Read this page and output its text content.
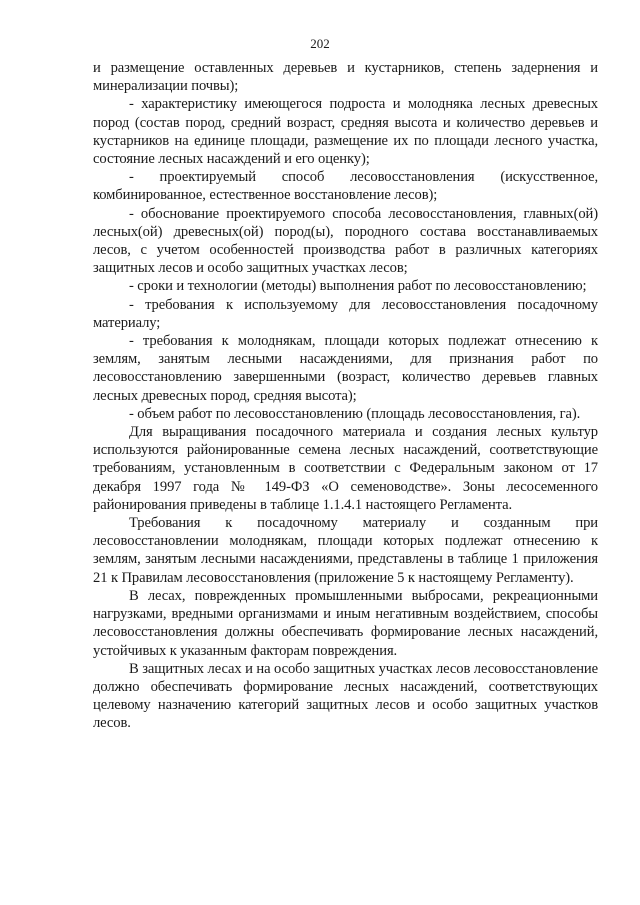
202

и размещение оставленных деревьев и кустарников, степень задернения и минерализации почвы);

- характеристику имеющегося подроста и молодняка лесных древесных пород (состав пород, средний возраст, средняя высота и количество деревьев и кустарников на единице площади, размещение их по площади лесного участка, состояние лесных насаждений и его оценку);

- проектируемый способ лесовосстановления (искусственное, комбинированное, естественное восстановление лесов);

- обоснование проектируемого способа лесовосстановления, главных(ой) лесных(ой) древесных(ой) пород(ы), породного состава восстанавливаемых лесов, с учетом особенностей производства работ в различных категориях защитных лесов и особо защитных участках лесов;

- сроки и технологии (методы) выполнения работ по лесовосстановлению;

- требования к используемому для лесовосстановления посадочному материалу;

- требования к молоднякам, площади которых подлежат отнесению к землям, занятым лесными насаждениями, для признания работ по лесовосстановлению завершенными (возраст, количество деревьев главных лесных древесных пород, средняя высота);

- объем работ по лесовосстановлению (площадь лесовосстановления, га).

Для выращивания посадочного материала и создания лесных культур используются районированные семена лесных насаждений, соответствующие требованиям, установленным в соответствии с Федеральным законом от 17 декабря 1997 года № 149-ФЗ «О семеноводстве». Зоны лесосеменного районирования приведены в таблице 1.1.4.1 настоящего Регламента.

Требования к посадочному материалу и созданным при лесовосстановлении молоднякам, площади которых подлежат отнесению к землям, занятым лесными насаждениями, представлены в таблице 1 приложения 21 к Правилам лесовосстановления (приложение 5 к настоящему Регламенту).

В лесах, поврежденных промышленными выбросами, рекреационными нагрузками, вредными организмами и иным негативным воздействием, способы лесовосстановления должны обеспечивать формирование лесных насаждений, устойчивых к указанным факторам повреждения.

В защитных лесах и на особо защитных участках лесов лесовосстановление должно обеспечивать формирование лесных насаждений, соответствующих целевому назначению категорий защитных лесов и особо защитных участков лесов.
